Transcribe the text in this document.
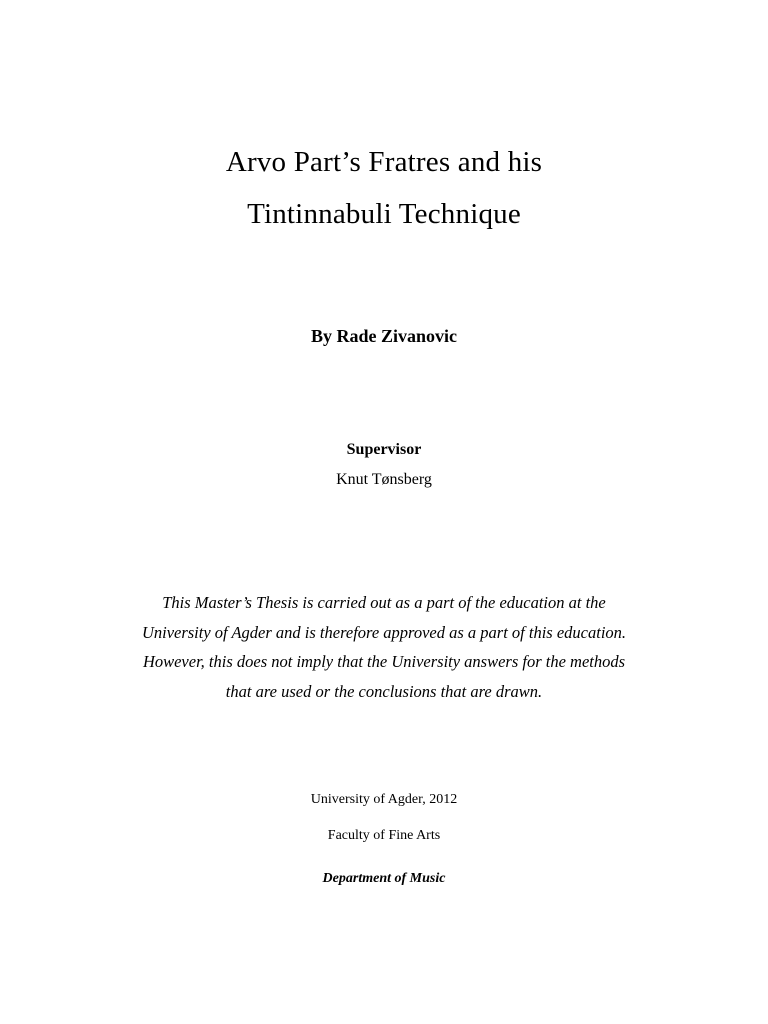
Arvo Part’s Fratres and his
Tintinnabuli Technique
By Rade Zivanovic
Supervisor
Knut Tønsberg
This Master’s Thesis is carried out as a part of the education at the
University of Agder and is therefore approved as a part of this education.
However, this does not imply that the University answers for the methods
that are used or the conclusions that are drawn.
University of Agder, 2012
Faculty of Fine Arts
Department of Music
